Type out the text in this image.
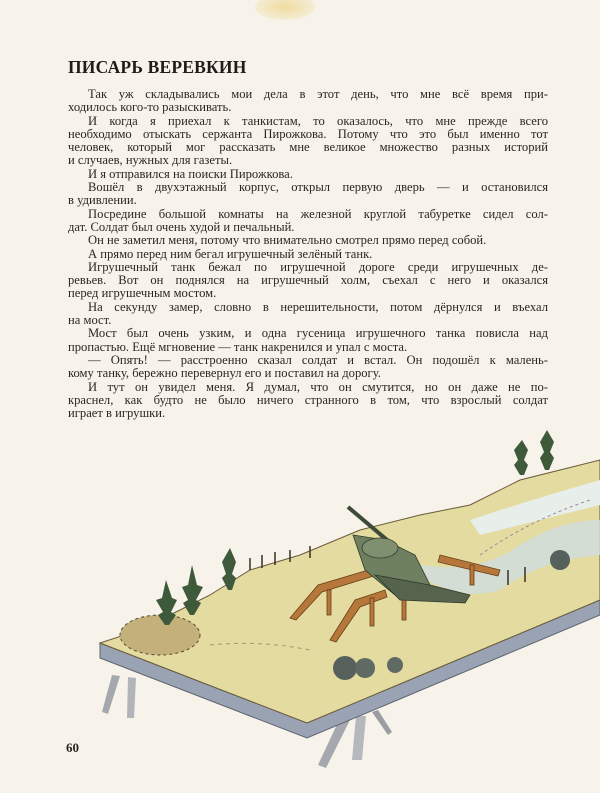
ПИСАРЬ ВЕРЕВКИН
Так уж складывались мои дела в этот день, что мне всё время при-
ходилось кого-то разыскивать.
И когда я приехал к танкистам, то оказалось, что мне прежде всего
необходимо отыскать сержанта Пирожкова. Потому что это был именно тот
человек, который мог рассказать мне великое множество разных историй
и случаев, нужных для газеты.
И я отправился на поиски Пирожкова.
Вошёл в двухэтажный корпус, открыл первую дверь — и остановился
в удивлении.
Посредине большой комнаты на железной круглой табуретке сидел сол-
дат. Солдат был очень худой и печальный.
Он не заметил меня, потому что внимательно смотрел прямо перед собой.
А прямо перед ним бегал игрушечный зелёный танк.
Игрушечный танк бежал по игрушечной дороге среди игрушечных де-
ревьев. Вот он поднялся на игрушечный холм, съехал с него и оказался
перед игрушечным мостом.
На секунду замер, словно в нерешительности, потом дёрнулся и въехал
на мост.
Мост был очень узким, и одна гусеница игрушечного танка повисла над
пропастью. Ещё мгновение — танк накренился и упал с моста.
— Опять! — расстроенно сказал солдат и встал. Он подошёл к малень-
кому танку, бережно перевернул его и поставил на дорогу.
И тут он увидел меня. Я думал, что он смутится, но он даже не по-
краснел, как будто не было ничего странного в том, что взрослый солдат
играет в игрушки.
60
